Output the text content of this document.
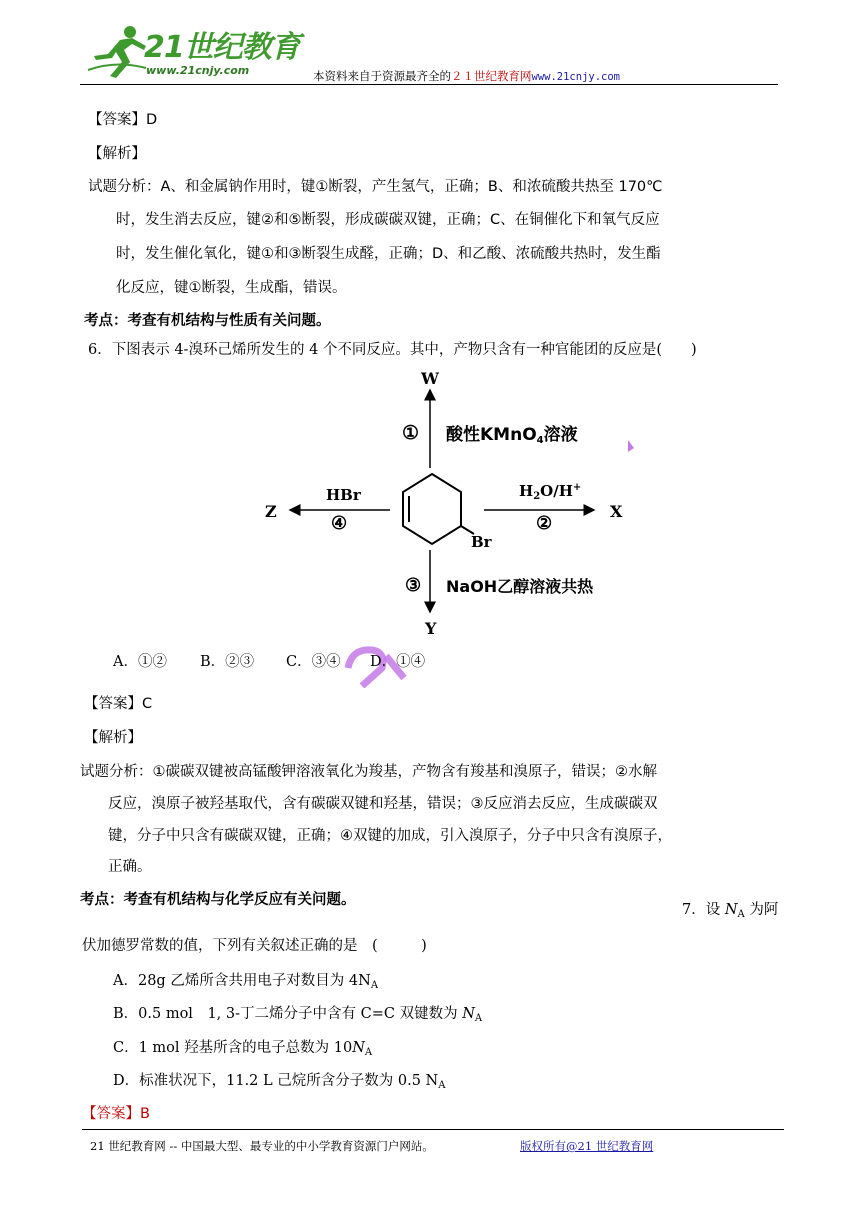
21世纪教育
www.21cnjy.com	本资料来自于资源最齐全的２１世纪教育网www.21cnjy.com
【答案】D
【解析】
试题分析：A、和金属钠作用时，键①断裂，产生氢气，正确；B、和浓硫酸共热至 170℃
时，发生消去反应，键②和⑤断裂，形成碳碳双键，正确；C、在铜催化下和氧气反应
时，发生催化氧化，键①和③断裂生成醛，正确；D、和乙酸、浓硫酸共热时，发生酯
化反应，键①断裂，生成酯，错误。
考点：考查有机结构与性质有关问题。
6．下图表示 4-溴环己烯所发生的 4 个不同反应。其中，产物只含有一种官能团的反应是(　　)
W
① 酸性KMnO$_4$溶液
HBr
④
Z
$H_2O/H^+$
②
X
Br
③ NaOH乙醇溶液共热
Y
A．①② B．②③ C．③④ D．①④
【答案】C
【解析】
试题分析：①碳碳双键被高锰酸钾溶液氧化为羧基，产物含有羧基和溴原子，错误；②水解
反应，溴原子被羟基取代，含有碳碳双键和羟基，错误；③反应消去反应，生成碳碳双
键，分子中只含有碳碳双键，正确；④双键的加成，引入溴原子，分子中只含有溴原子，
正确。
考点：考查有机结构与化学反应有关问题。
7．设 $N_A$ 为阿
伏加德罗常数的值，下列有关叙述正确的是　(　　　)
A．28g 乙烯所含共用电子对数目为 $4N_A$
B．0.5 mol　1, 3-丁二烯分子中含有 C=C 双键数为 $N_A$
C．1 mol 羟基所含的电子总数为 $10N_A$
D．标准状况下，11.2 L 己烷所含分子数为 0.5 $N_A$
【答案】B
21 世纪教育网 -- 中国最大型、最专业的中小学教育资源门户网站。	版权所有@21 世纪教育网
